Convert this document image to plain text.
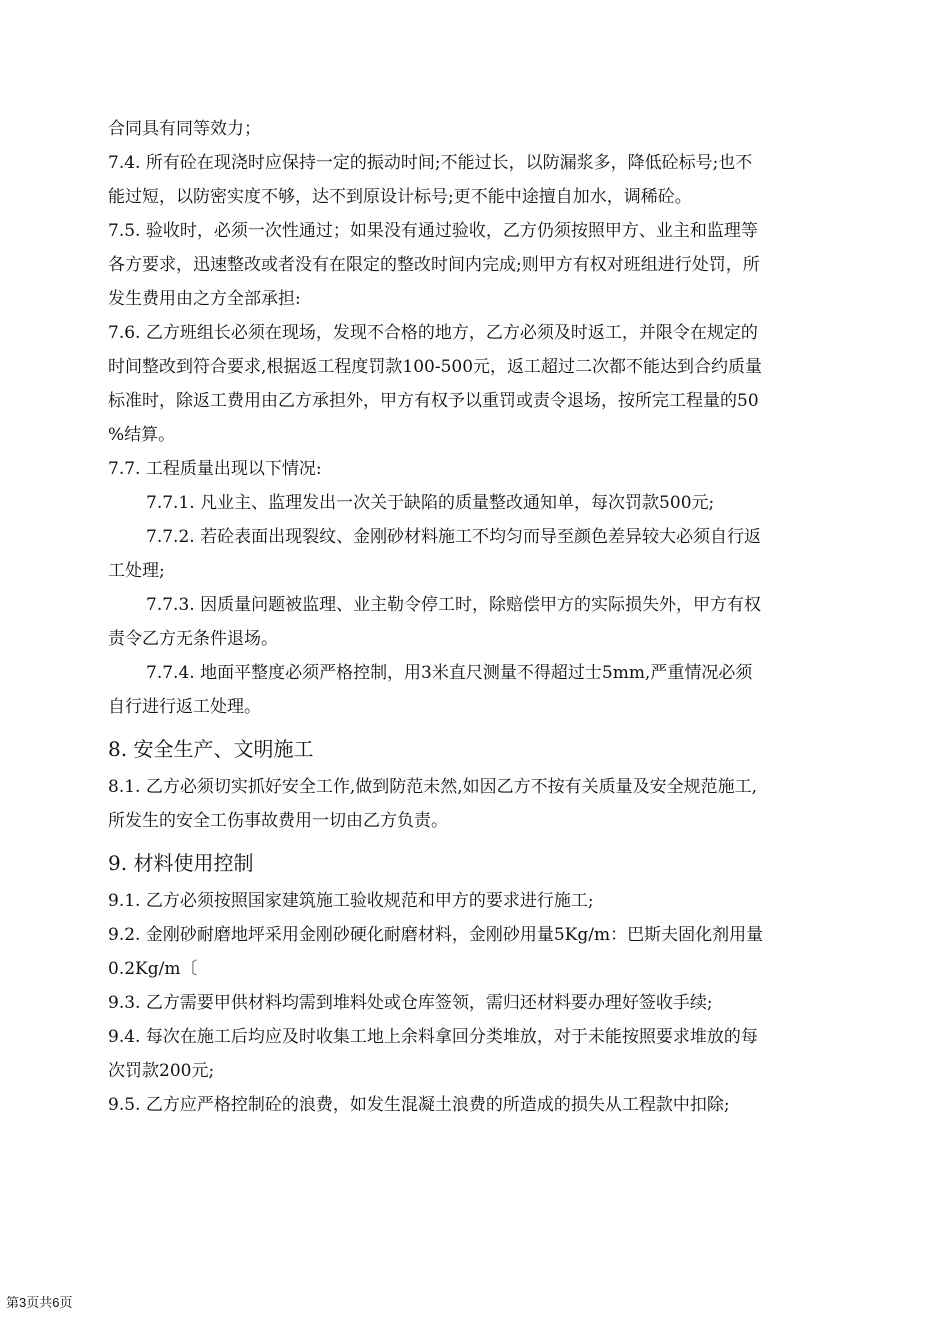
合同具有同等效力；
7.4. 所有砼在现浇时应保持一定的振动时间;不能过长，以防漏浆多，降低砼标号;也不
能过短，以防密实度不够，达不到原设计标号;更不能中途擅自加水，调稀砼。
7.5. 验收时，必须一次性通过；如果没有通过验收，乙方仍须按照甲方、业主和监理等
各方要求，迅速整改或者没有在限定的整改时间内完成;则甲方有权对班组进行处罚，所
发生费用由之方全部承担:
7.6. 乙方班组长必须在现场，发现不合格的地方，乙方必须及时返工，并限令在规定的
时间整改到符合要求,根据返工程度罚款100-500元，返工超过二次都不能达到合约质量
标准时，除返工费用由乙方承担外，甲方有权予以重罚或责令退场，按所完工程量的50
%结算。
7.7. 工程质量出现以下情况:
7.7.1. 凡业主、监理发出一次关于缺陷的质量整改通知单，每次罚款500元;
7.7.2. 若砼表面出现裂纹、金刚砂材料施工不均匀而导至颜色差异较大必须自行返
工处理;
7.7.3. 因质量问题被监理、业主勒令停工时，除赔偿甲方的实际损失外，甲方有权
责令乙方无条件退场。
7.7.4. 地面平整度必须严格控制，用3米直尺测量不得超过士5mm,严重情况必须
自行进行返工处理。
8. 安全生产、文明施工
8.1. 乙方必须切实抓好安全工作,做到防范未然,如因乙方不按有关质量及安全规范施工,
所发生的安全工伤事故费用一切由乙方负责。
9. 材料使用控制
9.1. 乙方必须按照国家建筑施工验收规范和甲方的要求进行施工;
9.2. 金刚砂耐磨地坪采用金刚砂硬化耐磨材料，金刚砂用量5Kg/m：巴斯夫固化剂用量
0.2Kg/m〔
9.3. 乙方需要甲供材料均需到堆料处或仓库签领，需归还材料要办理好签收手续;
9.4. 每次在施工后均应及时收集工地上余料拿回分类堆放，对于未能按照要求堆放的每
次罚款200元;
9.5. 乙方应严格控制砼的浪费，如发生混凝土浪费的所造成的损失从工程款中扣除;
第3页共6页
